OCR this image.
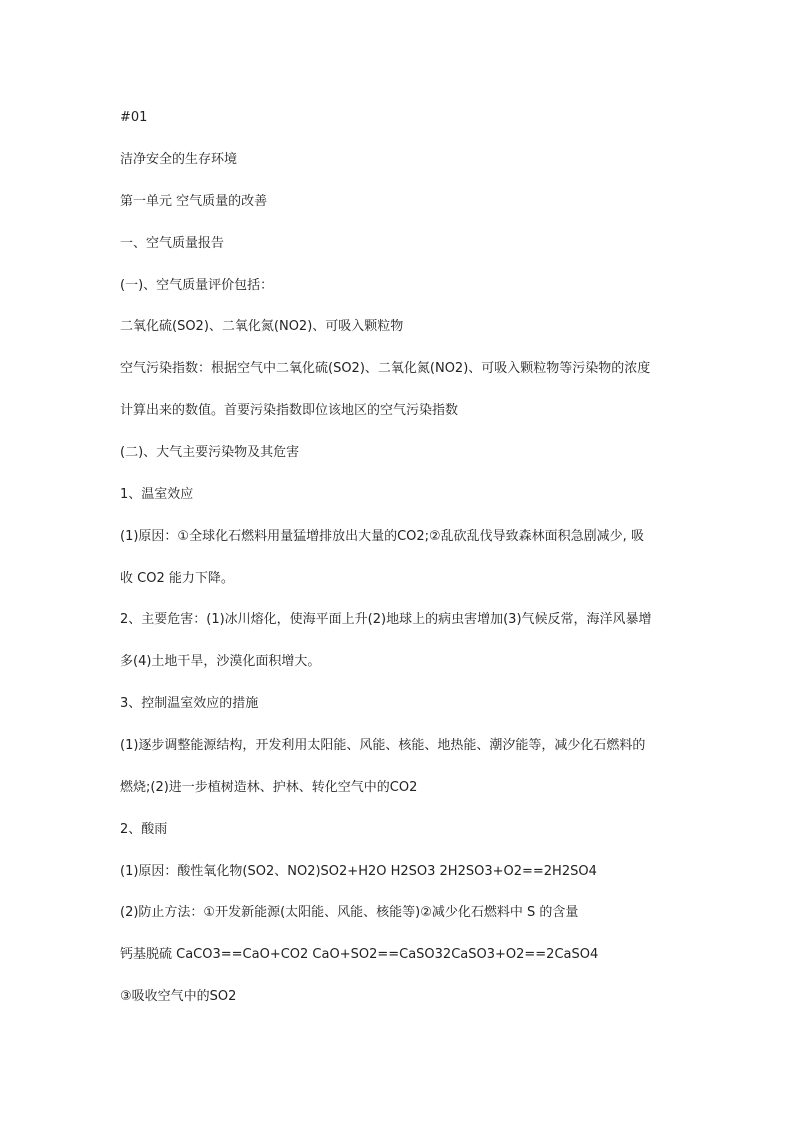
#01
洁净安全的生存环境
第一单元 空气质量的改善
一、空气质量报告
(一)、空气质量评价包括：
二氧化硫(SO2)、二氧化氮(NO2)、可吸入颗粒物
空气污染指数：根据空气中二氧化硫(SO2)、二氧化氮(NO2)、可吸入颗粒物等污染物的浓度
计算出来的数值。首要污染指数即位该地区的空气污染指数
(二)、大气主要污染物及其危害
1、温室效应
(1)原因：①全球化石燃料用量猛增排放出大量的CO2;②乱砍乱伐导致森林面积急剧减少, 吸
收 CO2 能力下降。
2、主要危害：(1)冰川熔化，使海平面上升(2)地球上的病虫害增加(3)气候反常，海洋风暴增
多(4)土地干旱，沙漠化面积增大。
3、控制温室效应的措施
(1)逐步调整能源结构，开发利用太阳能、风能、核能、地热能、潮汐能等，减少化石燃料的
燃烧;(2)进一步植树造林、护林、转化空气中的CO2
2、酸雨
(1)原因：酸性氧化物(SO2、NO2)SO2+H2O H2SO3 2H2SO3+O2==2H2SO4
(2)防止方法：①开发新能源(太阳能、风能、核能等)②减少化石燃料中 S 的含量
钙基脱硫 CaCO3==CaO+CO2 CaO+SO2==CaSO32CaSO3+O2==2CaSO4
③吸收空气中的SO2
